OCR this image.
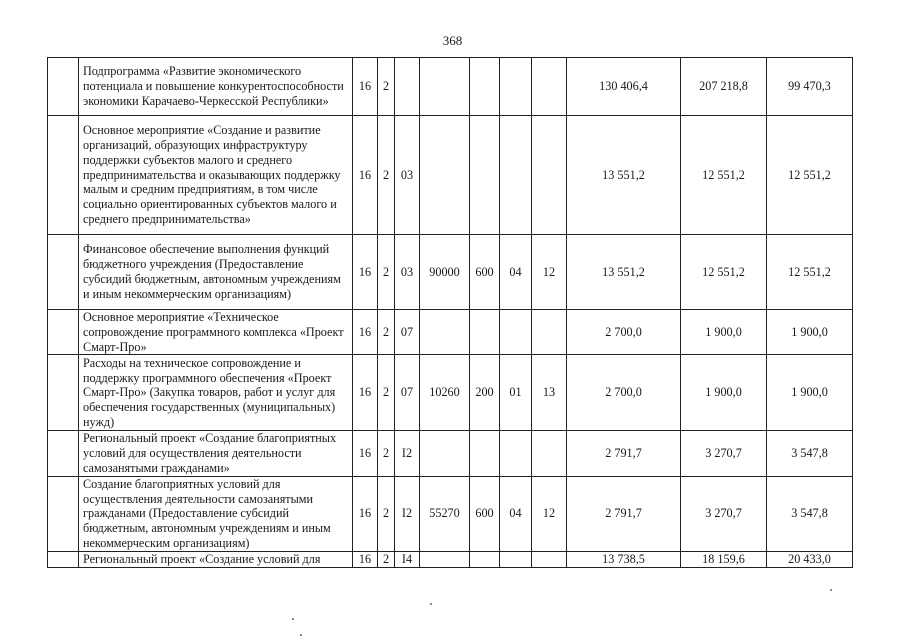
368
	Подпрограмма «Развитие экономического потенциала и повышение конкурентоспособности экономики Карачаево-Черкесской Республики»	16	2						130 406,4	207 218,8	99 470,3
	Основное мероприятие «Создание и развитие организаций, образующих инфраструктуру поддержки субъектов малого и среднего предпринимательства и оказывающих поддержку малым и средним предприятиям, в том числе социально ориентированных субъектов малого и среднего предпринимательства»	16	2	03					13 551,2	12 551,2	12 551,2
	Финансовое обеспечение выполнения функций бюджетного учреждения (Предоставление субсидий бюджетным, автономным учреждениям и иным некоммерческим организациям)	16	2	03	90000	600	04	12	13 551,2	12 551,2	12 551,2
	Основное мероприятие «Техническое сопровождение программного комплекса «Проект Смарт-Про»	16	2	07					2 700,0	1 900,0	1 900,0
	Расходы на техническое сопровождение и поддержку программного обеспечения «Проект Смарт-Про» (Закупка товаров, работ и услуг для обеспечения государственных (муниципальных) нужд)	16	2	07	10260	200	01	13	2 700,0	1 900,0	1 900,0
	Региональный проект «Создание благоприятных условий для осуществления деятельности самозанятыми гражданами»	16	2	I2					2 791,7	3 270,7	3 547,8
	Создание благоприятных условий для осуществления деятельности самозанятыми гражданами (Предоставление субсидий бюджетным, автономным учреждениям и иным некоммерческим организациям)	16	2	I2	55270	600	04	12	2 791,7	3 270,7	3 547,8
	Региональный проект «Создание условий для	16	2	I4					13 738,5	18 159,6	20 433,0
